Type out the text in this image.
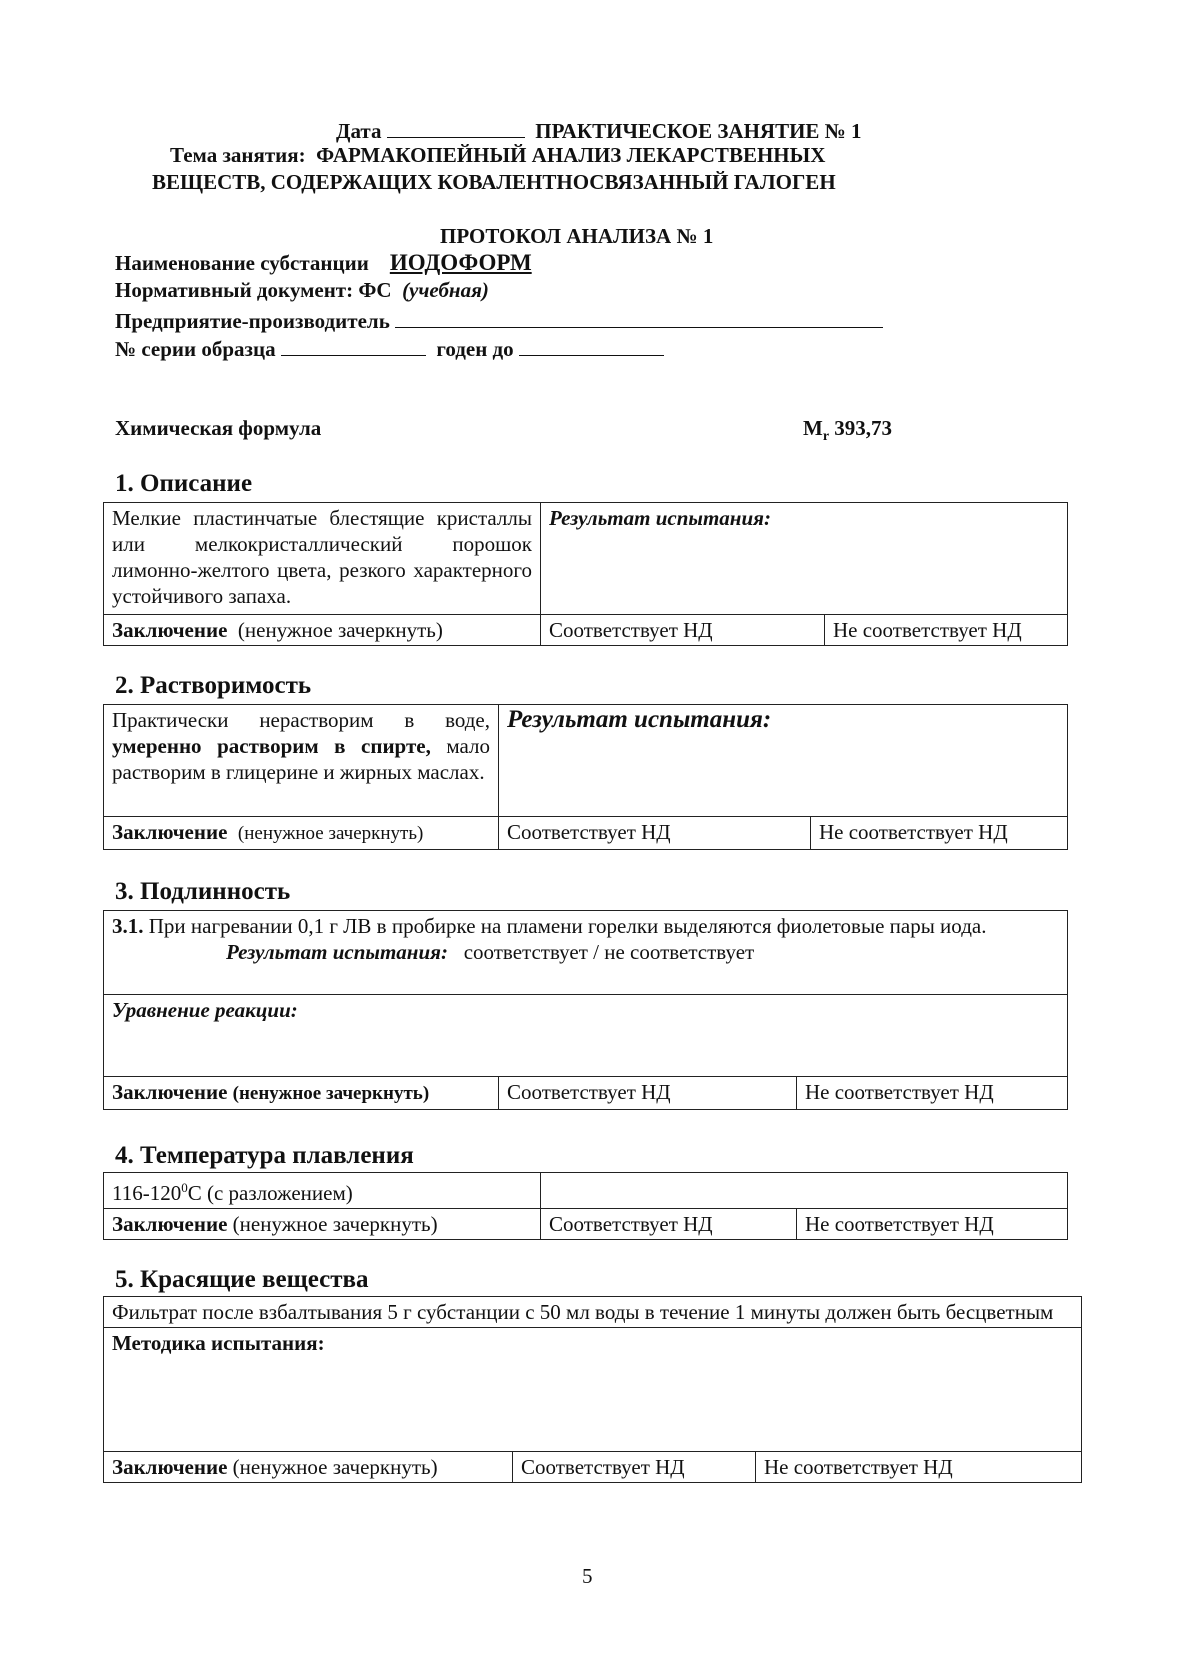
Дата	ПРАКТИЧЕСКОЕ ЗАНЯТИЕ № 1
Тема занятия: ФАРМАКОПЕЙНЫЙ АНАЛИЗ ЛЕКАРСТВЕННЫХ
ВЕЩЕСТВ, СОДЕРЖАЩИХ КОВАЛЕНТНОСВЯЗАННЫЙ ГАЛОГЕН
ПРОТОКОЛ АНАЛИЗА № 1
Наименование субстанции ИОДОФОРМ
Нормативный документ: ФС (учебная)
Предприятие-производитель
№ серии образца	годен до
Химическая формула	$M_r$ 393,73
1. Описание
Мелкие пластинчатые блестящие кристаллы или мелкокристаллический порошок лимонно-желтого цвета, резкого характерного устойчивого запаха.	Результат испытания:	
Заключение (ненужное зачеркнуть)	Соответствует НД	Не соответствует НД
2. Растворимость
Практически нерастворим в воде, умеренно растворим в спирте, мало растворим в глицерине и жирных маслах.	Результат испытания:	
Заключение (ненужное зачеркнуть)	Соответствует НД	Не соответствует НД
3. Подлинность
3.1. При нагревании 0,1 г ЛВ в пробирке на пламени горелки выделяются фиолетовые пары иода.
Результат испытания: соответствует / не соответствует

Уравнение реакции:
Заключение (ненужное зачеркнуть)	Соответствует НД	Не соответствует НД
4. Температура плавления
$116-120^0С$ (с разложением)		
Заключение (ненужное зачеркнуть)	Соответствует НД	Не соответствует НД
5. Красящие вещества
Фильтрат после взбалтывания 5 г субстанции с 50 мл воды в течение 1 минуты должен быть бесцветным
Методика испытания:
Заключение (ненужное зачеркнуть)	Соответствует НД	Не соответствует НД
5
